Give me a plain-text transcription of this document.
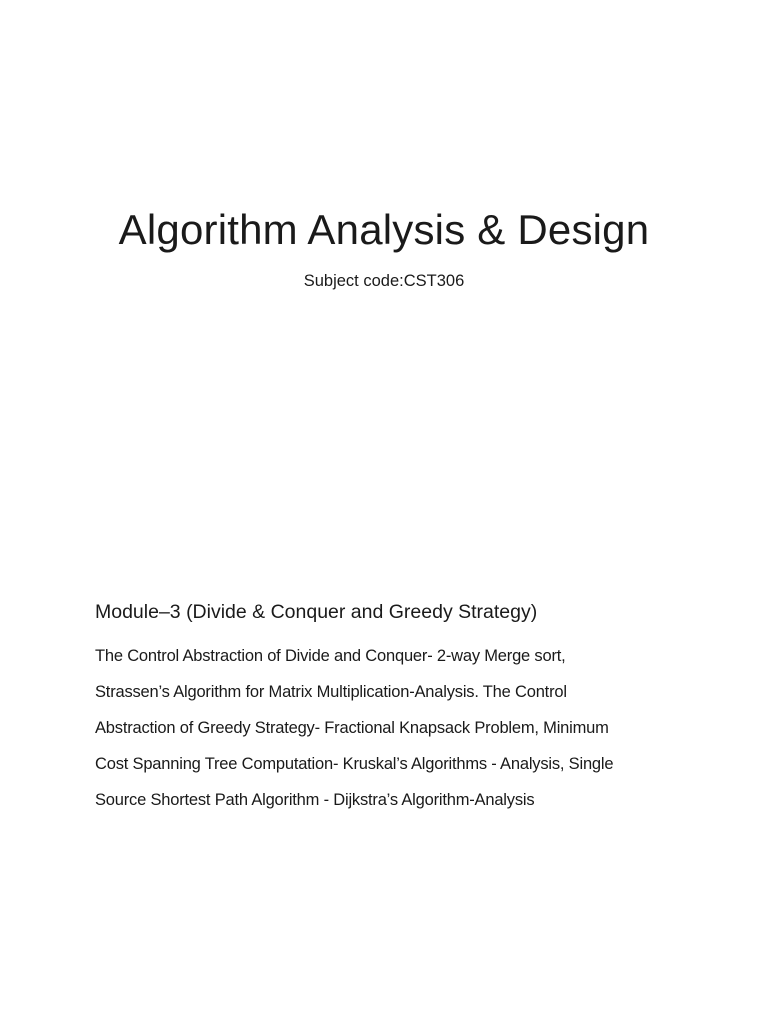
Algorithm Analysis & Design

Subject code:CST306

Module–3 (Divide & Conquer and Greedy Strategy)
The Control Abstraction of Divide and Conquer- 2-way Merge sort,
Strassen’s Algorithm for Matrix Multiplication-Analysis. The Control
Abstraction of Greedy Strategy- Fractional Knapsack Problem, Minimum
Cost Spanning Tree Computation- Kruskal’s Algorithms - Analysis, Single
Source Shortest Path Algorithm - Dijkstra’s Algorithm-Analysis
